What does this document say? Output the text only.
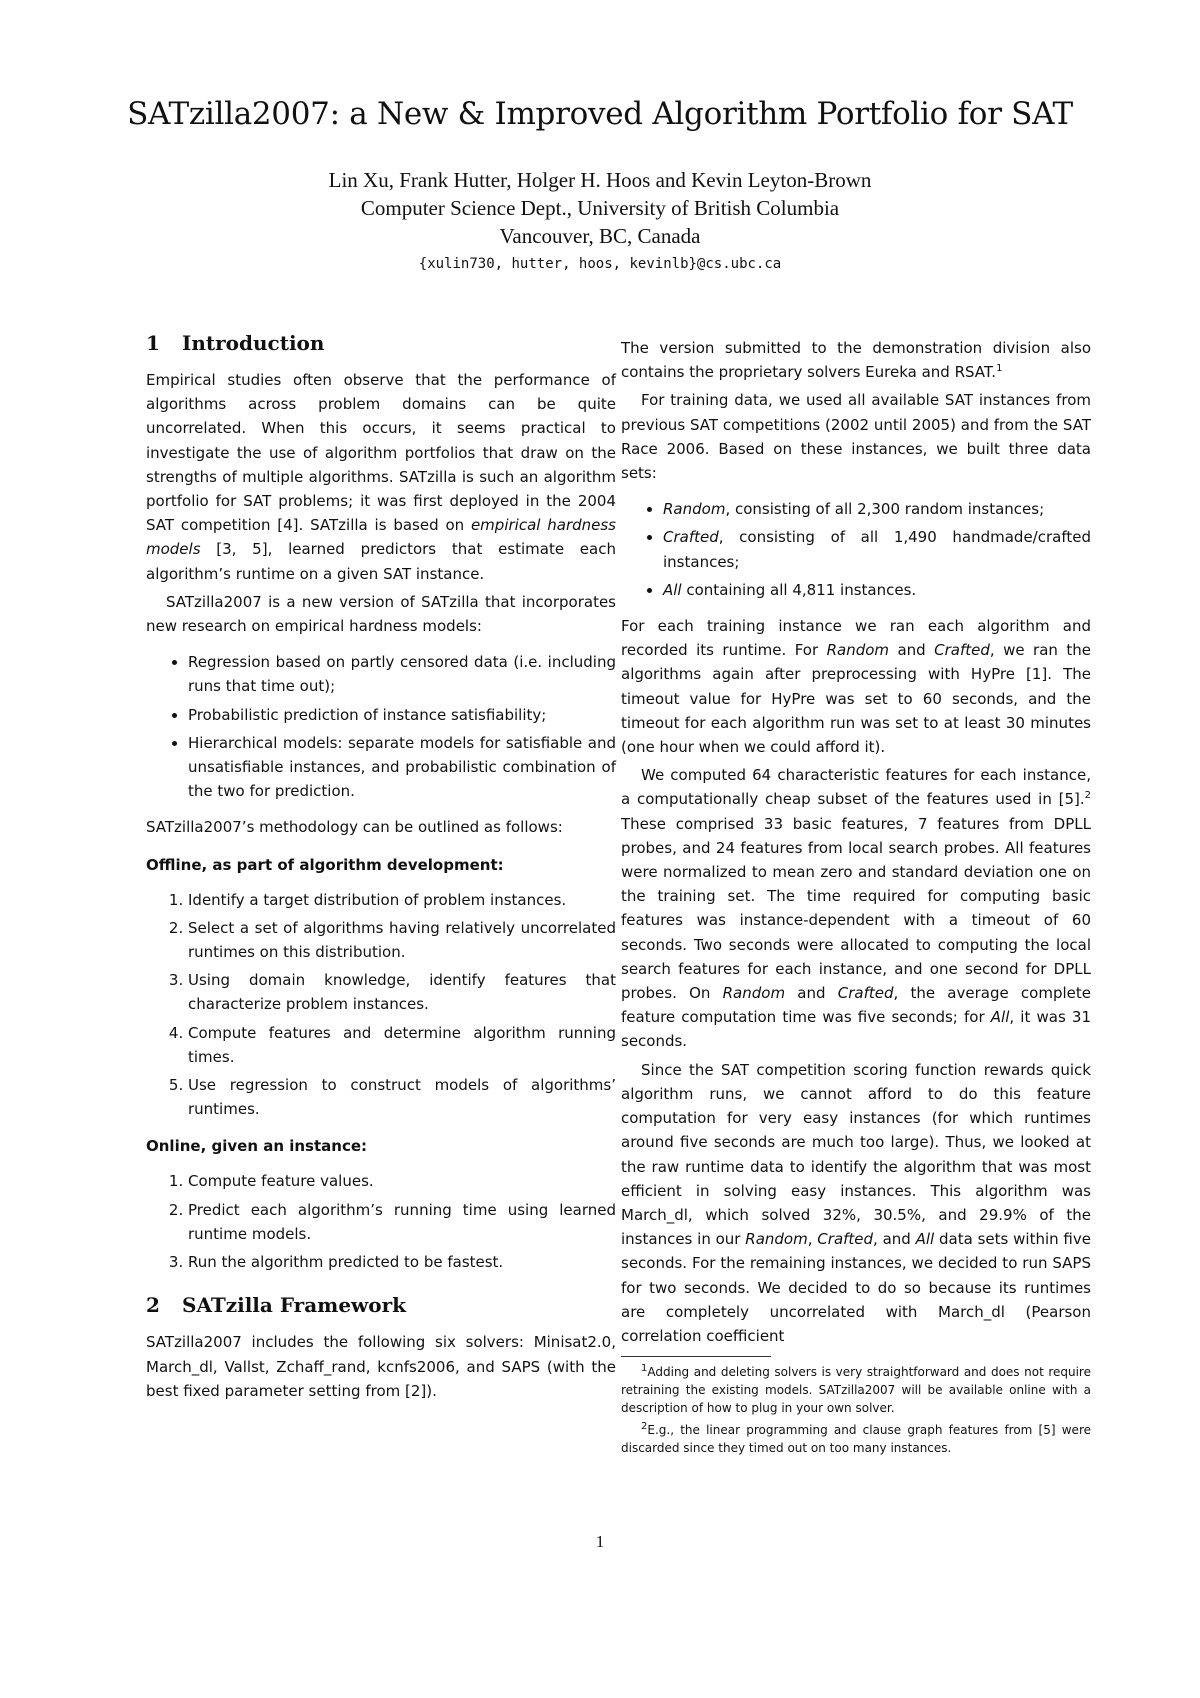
SATzilla2007: a New & Improved Algorithm Portfolio for SAT
Lin Xu, Frank Hutter, Holger H. Hoos and Kevin Leyton-Brown
Computer Science Dept., University of British Columbia
Vancouver, BC, Canada
{xulin730, hutter, hoos, kevinlb}@cs.ubc.ca
1 Introduction

Empirical studies often observe that the performance of algorithms across problem domains can be quite uncorrelated. When this occurs, it seems practical to investigate the use of algorithm portfolios that draw on the strengths of multiple algorithms. SATzilla is such an algorithm portfolio for SAT problems; it was first deployed in the 2004 SAT competition [4]. SATzilla is based on empirical hardness models [3, 5], learned predictors that estimate each algorithm’s runtime on a given SAT instance.

SATzilla2007 is a new version of SATzilla that incorporates new research on empirical hardness models:

• Regression based on partly censored data (i.e. including runs that time out);
• Probabilistic prediction of instance satisfiability;
• Hierarchical models: separate models for satisfiable and unsatisfiable instances, and probabilistic combination of the two for prediction.

SATzilla2007’s methodology can be outlined as follows:

Offline, as part of algorithm development:
1. Identify a target distribution of problem instances.
2. Select a set of algorithms having relatively uncorrelated runtimes on this distribution.
3. Using domain knowledge, identify features that characterize problem instances.
4. Compute features and determine algorithm running times.
5. Use regression to construct models of algorithms’ runtimes.
Online, given an instance:
1. Compute feature values.
2. Predict each algorithm’s running time using learned runtime models.
3. Run the algorithm predicted to be fastest.
2 SATzilla Framework

SATzilla2007 includes the following six solvers: Minisat2.0, March_dl, Vallst, Zchaff_rand, kcnfs2006, and SAPS (with the best fixed parameter setting from [2]).

The version submitted to the demonstration division also contains the proprietary solvers Eureka and RSAT.$^1$

For training data, we used all available SAT instances from previous SAT competitions (2002 until 2005) and from the SAT Race 2006. Based on these instances, we built three data sets:

• Random, consisting of all 2,300 random instances;
• Crafted, consisting of all 1,490 handmade/crafted instances;
• All containing all 4,811 instances.

For each training instance we ran each algorithm and recorded its runtime. For Random and Crafted, we ran the algorithms again after preprocessing with HyPre [1]. The timeout value for HyPre was set to 60 seconds, and the timeout for each algorithm run was set to at least 30 minutes (one hour when we could afford it).

We computed 64 characteristic features for each instance, a computationally cheap subset of the features used in [5].$^2$ These comprised 33 basic features, 7 features from DPLL probes, and 24 features from local search probes. All features were normalized to mean zero and standard deviation one on the training set. The time required for computing basic features was instance-dependent with a timeout of 60 seconds. Two seconds were allocated to computing the local search features for each instance, and one second for DPLL probes. On Random and Crafted, the average complete feature computation time was five seconds; for All, it was 31 seconds.

Since the SAT competition scoring function rewards quick algorithm runs, we cannot afford to do this feature computation for very easy instances (for which runtimes around five seconds are much too large). Thus, we looked at the raw runtime data to identify the algorithm that was most efficient in solving easy instances. This algorithm was March_dl, which solved 32%, 30.5%, and 29.9% of the instances in our Random, Crafted, and All data sets within five seconds. For the remaining instances, we decided to run SAPS for two seconds. We decided to do so because its runtimes are completely uncorrelated with March_dl (Pearson correlation coefficient

$^1$Adding and deleting solvers is very straightforward and does not require retraining the existing models. SATzilla2007 will be available online with a description of how to plug in your own solver.

$^2$E.g., the linear programming and clause graph features from [5] were discarded since they timed out on too many instances.

1
